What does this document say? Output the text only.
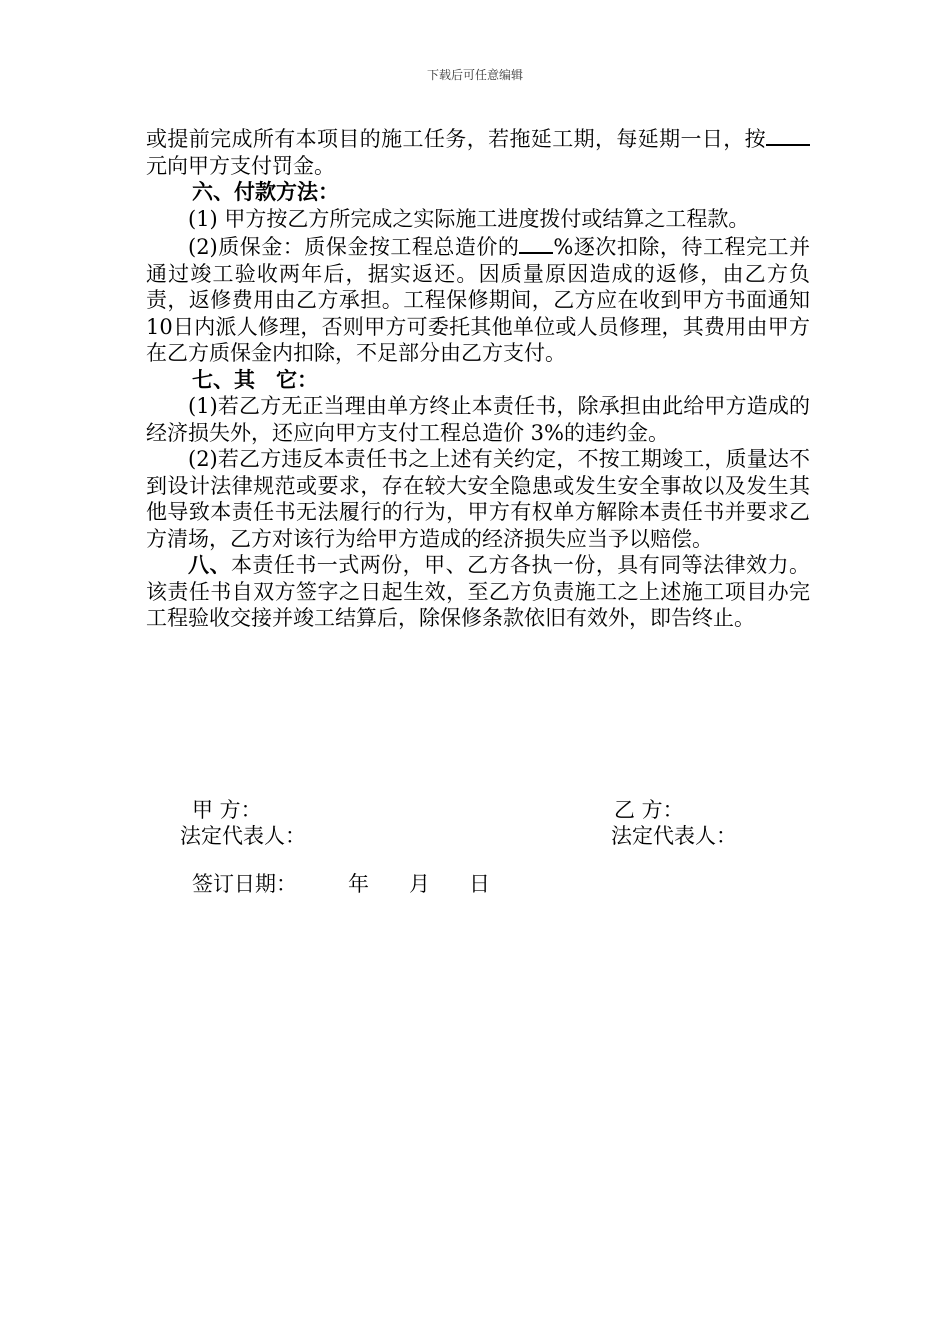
下载后可任意编辑

或提前完成所有本项目的施工任务，若拖延工期，每延期一日，按元向甲方支付罚金。

六、付款方法：

(1) 甲方按乙方所完成之实际施工进度拨付或结算之工程款。

(2)质保金：质保金按工程总造价的 %逐次扣除，待工程完工并通过竣工验收两年后，据实返还。因质量原因造成的返修，由乙方负责，返修费用由乙方承担。工程保修期间，乙方应在收到甲方书面通知10日内派人修理，否则甲方可委托其他单位或人员修理，其费用由甲方在乙方质保金内扣除，不足部分由乙方支付。

七、其　它：

(1)若乙方无正当理由单方终止本责任书，除承担由此给甲方造成的经济损失外，还应向甲方支付工程总造价 3%的违约金。

(2)若乙方违反本责任书之上述有关约定，不按工期竣工，质量达不到设计法律规范或要求，存在较大安全隐患或发生安全事故以及发生其他导致本责任书无法履行的行为，甲方有权单方解除本责任书并要求乙方清场，乙方对该行为给甲方造成的经济损失应当予以赔偿。

八、本责任书一式两份，甲、乙方各执一份，具有同等法律效力。该责任书自双方签字之日起生效，至乙方负责施工之上述施工项目办完工程验收交接并竣工结算后，除保修条款依旧有效外，即告终止。

甲 方：
法定代表人：
乙 方：
法定代表人：
签订日期： 年 月 日
